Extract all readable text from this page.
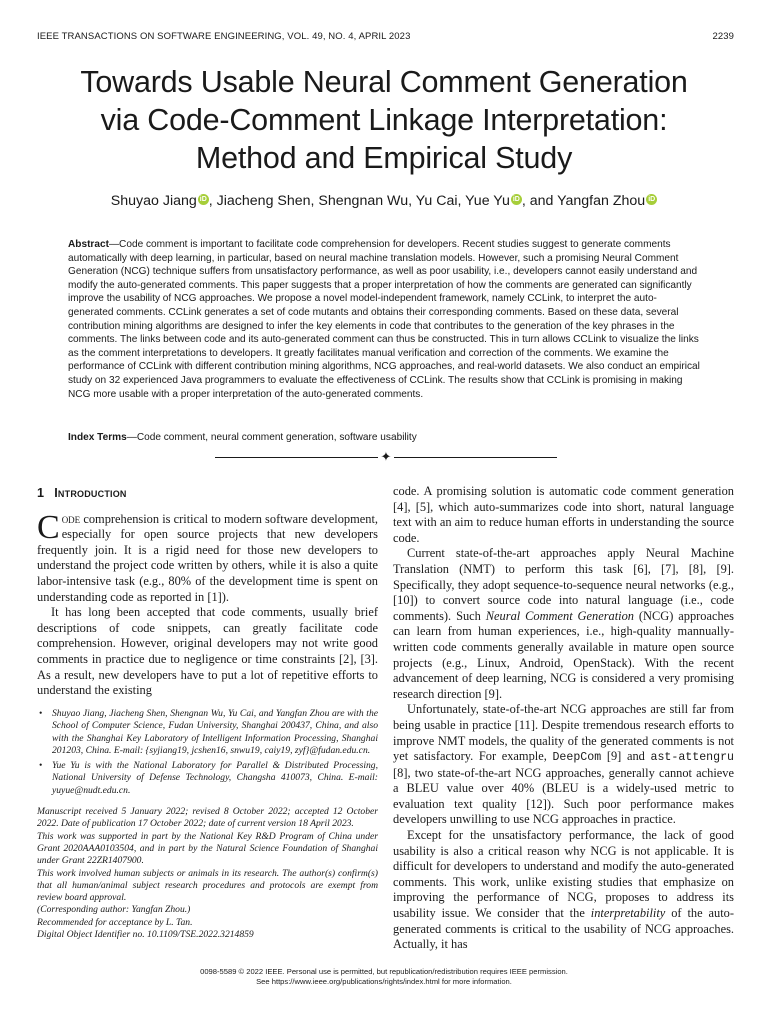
IEEE TRANSACTIONS ON SOFTWARE ENGINEERING, VOL. 49, NO. 4, APRIL 2023	2239
Towards Usable Neural Comment Generation
via Code-Comment Linkage Interpretation:
Method and Empirical Study
Shuyao Jiang iD , Jiacheng Shen, Shengnan Wu, Yu Cai, Yue Yu iD , and Yangfan Zhou iD
Abstract—Code comment is important to facilitate code comprehension for developers. Recent studies suggest to generate comments automatically with deep learning, in particular, based on neural machine translation models. However, such a promising Neural Comment Generation (NCG) technique suffers from unsatisfactory performance, as well as poor usability, i.e., developers cannot easily understand and modify the auto-generated comments. This paper suggests that a proper interpretation of how the comments are generated can significantly improve the usability of NCG approaches. We propose a novel model-independent framework, namely CCLink, to interpret the auto-generated comments. CCLink generates a set of code mutants and obtains their corresponding comments. Based on these data, several contribution mining algorithms are designed to infer the key elements in code that contributes to the generation of the key phrases in the comments. The links between code and its auto-generated comment can thus be constructed. This in turn allows CCLink to visualize the links as the comment interpretations to developers. It greatly facilitates manual verification and correction of the comments. We examine the performance of CCLink with different contribution mining algorithms, NCG approaches, and real-world datasets. We also conduct an empirical study on 32 experienced Java programmers to evaluate the effectiveness of CCLink. The results show that CCLink is promising in making NCG more usable with a proper interpretation of the auto-generated comments.
Index Terms—Code comment, neural comment generation, software usability
✦
1 Introduction

Code comprehension is critical to modern software development, especially for open source projects that new developers frequently join. It is a rigid need for those new developers to understand the project code written by others, while it is also a quite labor-intensive task (e.g., 80% of the development time is spent on understanding code as reported in [1]).

It has long been accepted that code comments, usually brief descriptions of code snippets, can greatly facilitate code comprehension. However, original developers may not write good comments in practice due to negligence or time constraints [2], [3]. As a result, new developers have to put a lot of repetitive efforts to understand the existing

• Shuyao Jiang, Jiacheng Shen, Shengnan Wu, Yu Cai, and Yangfan Zhou are with the School of Computer Science, Fudan University, Shanghai 200437, China, and also with the Shanghai Key Laboratory of Intelligent Information Processing, Shanghai 201203, China. E-mail: {syjiang19, jcshen16, snwu19, caiy19, zyf}@fudan.edu.cn.
• Yue Yu is with the National Laboratory for Parallel & Distributed Processing, National University of Defense Technology, Changsha 410073, China. E-mail: yuyue@nudt.edu.cn.

Manuscript received 5 January 2022; revised 8 October 2022; accepted 12 October 2022. Date of publication 17 October 2022; date of current version 18 April 2023.

This work was supported in part by the National Key R&D Program of China under Grant 2020AAA0103504, and in part by the Natural Science Foundation of Shanghai under Grant 22ZR1407900.

This work involved human subjects or animals in its research. The author(s) confirm(s) that all human/animal subject research procedures and protocols are exempt from review board approval.

(Corresponding author: Yangfan Zhou.)

Recommended for acceptance by L. Tan.

Digital Object Identifier no. 10.1109/TSE.2022.3214859

code. A promising solution is automatic code comment generation [4], [5], which auto-summarizes code into short, natural language text with an aim to reduce human efforts in understanding the source code.

Current state-of-the-art approaches apply Neural Machine Translation (NMT) to perform this task [6], [7], [8], [9]. Specifically, they adopt sequence-to-sequence neural networks (e.g., [10]) to convert source code into natural language (i.e., code comments). Such Neural Comment Generation (NCG) approaches can learn from human experiences, i.e., high-quality mannually-written code comments generally available in mature open source projects (e.g., Linux, Android, OpenStack). With the recent advancement of deep learning, NCG is considered a very promising research direction [9].

Unfortunately, state-of-the-art NCG approaches are still far from being usable in practice [11]. Despite tremendous research efforts to improve NMT models, the quality of the generated comments is not yet satisfactory. For example, DeepCom [9] and ast-attengru [8], two state-of-the-art NCG approaches, generally cannot achieve a BLEU value over 40% (BLEU is a widely-used metric to evaluation text quality [12]). Such poor performance makes developers unwilling to use NCG approaches in practice.

Except for the unsatisfactory performance, the lack of good usability is also a critical reason why NCG is not applicable. It is difficult for developers to understand and modify the auto-generated comments. This work, unlike existing studies that emphasize on improving the performance of NCG, proposes to address its usability issue. We consider that the interpretability of the auto-generated comments is critical to the usability of NCG approaches. Actually, it has

0098-5589 © 2022 IEEE. Personal use is permitted, but republication/redistribution requires IEEE permission.
See https://www.ieee.org/publications/rights/index.html for more information.
